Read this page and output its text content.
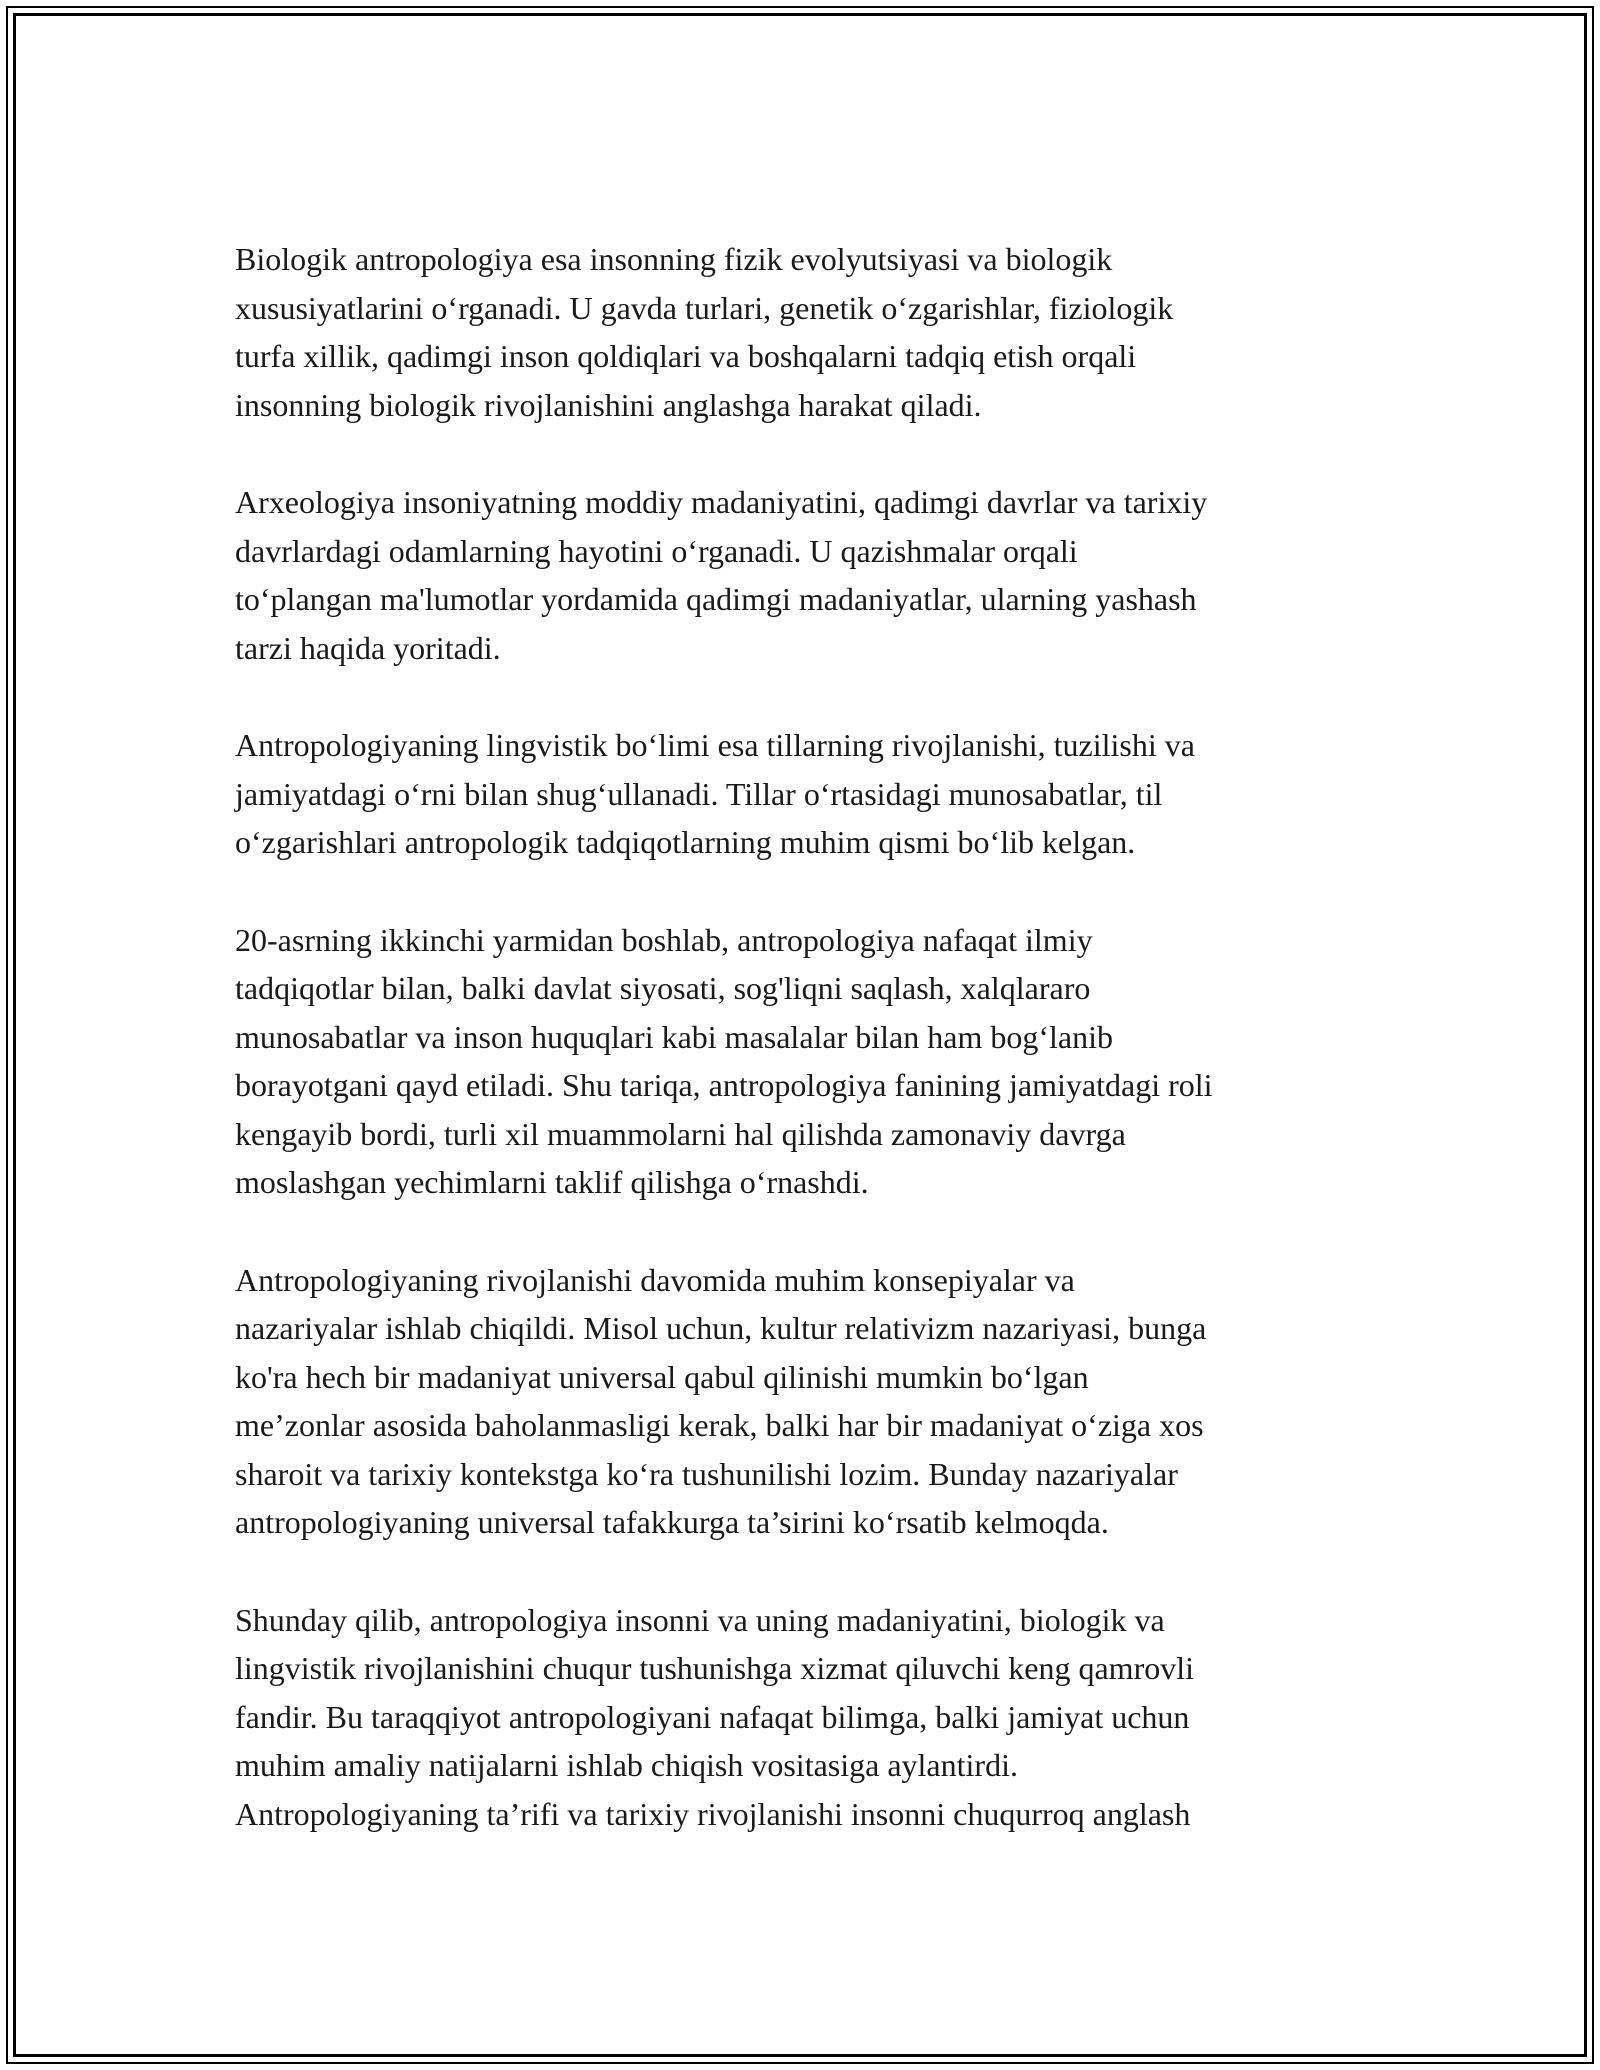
Biologik antropologiya esa insonning fizik evolyutsiyasi va biologik
xususiyatlarini o‘rganadi. U gavda turlari, genetik o‘zgarishlar, fiziologik
turfa xillik, qadimgi inson qoldiqlari va boshqalarni tadqiq etish orqali
insonning biologik rivojlanishini anglashga harakat qiladi.

Arxeologiya insoniyatning moddiy madaniyatini, qadimgi davrlar va tarixiy
davrlardagi odamlarning hayotini o‘rganadi. U qazishmalar orqali
to‘plangan ma'lumotlar yordamida qadimgi madaniyatlar, ularning yashash
tarzi haqida yoritadi.

Antropologiyaning lingvistik bo‘limi esa tillarning rivojlanishi, tuzilishi va
jamiyatdagi o‘rni bilan shug‘ullanadi. Tillar o‘rtasidagi munosabatlar, til
o‘zgarishlari antropologik tadqiqotlarning muhim qismi bo‘lib kelgan.

20-asrning ikkinchi yarmidan boshlab, antropologiya nafaqat ilmiy
tadqiqotlar bilan, balki davlat siyosati, sog'liqni saqlash, xalqlararo
munosabatlar va inson huquqlari kabi masalalar bilan ham bog‘lanib
borayotgani qayd etiladi. Shu tariqa, antropologiya fanining jamiyatdagi roli
kengayib bordi, turli xil muammolarni hal qilishda zamonaviy davrga
moslashgan yechimlarni taklif qilishga o‘rnashdi.

Antropologiyaning rivojlanishi davomida muhim konsepiyalar va
nazariyalar ishlab chiqildi. Misol uchun, kultur relativizm nazariyasi, bunga
ko'ra hech bir madaniyat universal qabul qilinishi mumkin bo‘lgan
me’zonlar asosida baholanmasligi kerak, balki har bir madaniyat o‘ziga xos
sharoit va tarixiy kontekstga ko‘ra tushunilishi lozim. Bunday nazariyalar
antropologiyaning universal tafakkurga ta’sirini ko‘rsatib kelmoqda.

Shunday qilib, antropologiya insonni va uning madaniyatini, biologik va
lingvistik rivojlanishini chuqur tushunishga xizmat qiluvchi keng qamrovli
fandir. Bu taraqqiyot antropologiyani nafaqat bilimga, balki jamiyat uchun
muhim amaliy natijalarni ishlab chiqish vositasiga aylantirdi.
Antropologiyaning ta’rifi va tarixiy rivojlanishi insonni chuqurroq anglash
